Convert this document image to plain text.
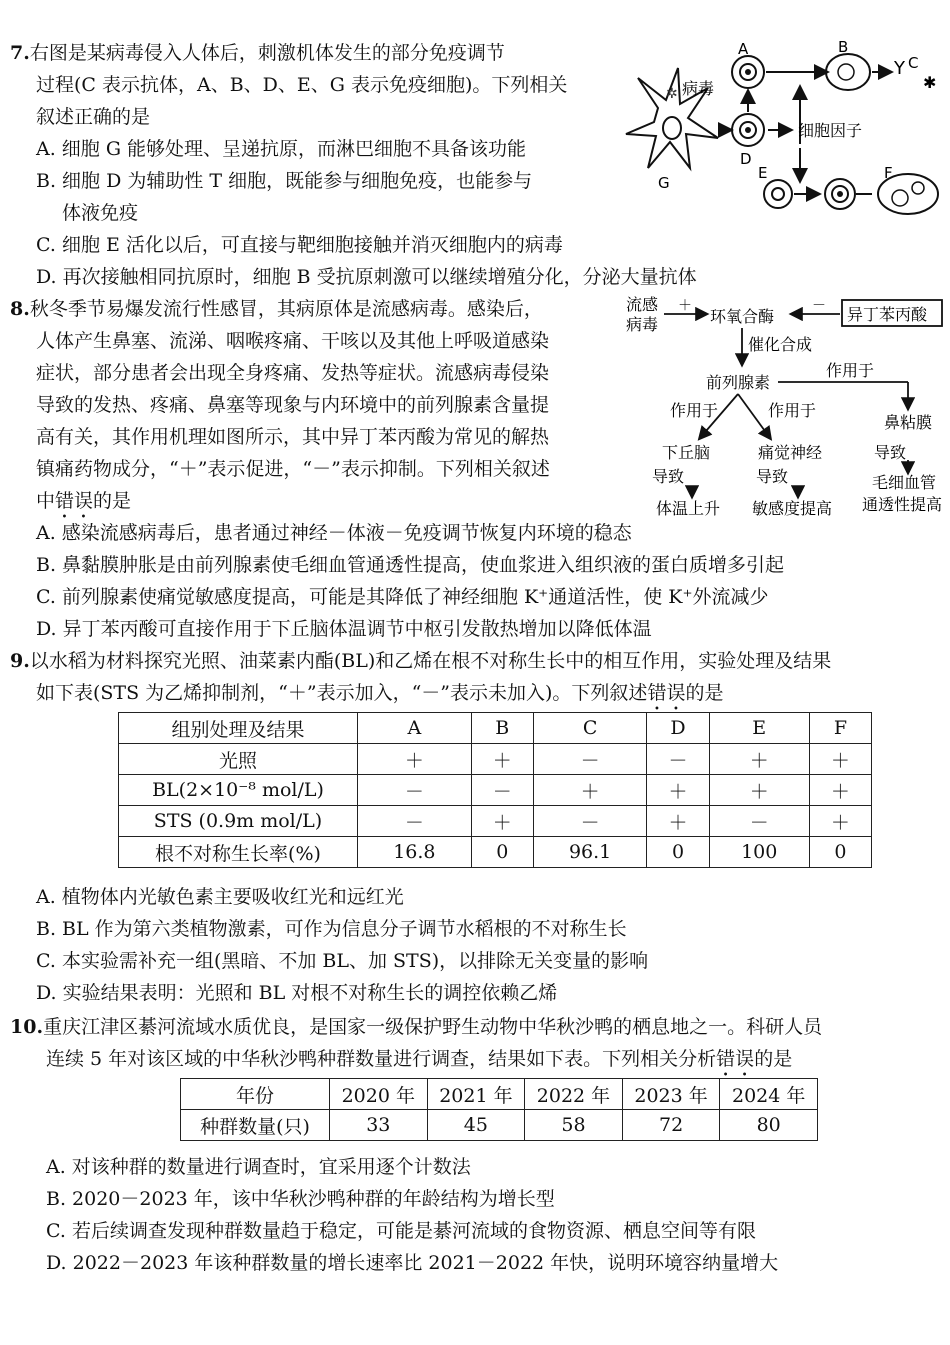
7.右图是某病毒侵入人体后，刺激机体发生的部分免疫调节
过程(C 表示抗体，A、B、D、E、G 表示免疫细胞)。下列相关
叙述正确的是
A. 细胞 G 能够处理、呈递抗原，而淋巴细胞不具备该功能
B. 细胞 D 为辅助性 T 细胞，既能参与细胞免疫，也能参与
体液免疫
C. 细胞 E 活化以后，可直接与靶细胞接触并消灭细胞内的病毒
D. 再次接触相同抗原时，细胞 B 受抗原刺激可以继续增殖分化，分泌大量抗体
G
✲ 病毒
D
A	B
Y C
✱
细胞因子
E	F
8.秋冬季节易爆发流行性感冒，其病原体是流感病毒。感染后，
人体产生鼻塞、流涕、咽喉疼痛、干咳以及其他上呼吸道感染
症状，部分患者会出现全身疼痛、发热等症状。流感病毒侵染
导致的发热、疼痛、鼻塞等现象与内环境中的前列腺素含量提
高有关，其作用机理如图所示，其中异丁苯丙酸为常见的解热
镇痛药物成分，“＋”表示促进，“－”表示抑制。下列相关叙述
中错误的是
A. 感染流感病毒后，患者通过神经－体液－免疫调节恢复内环境的稳态
B. 鼻黏膜肿胀是由前列腺素使毛细血管通透性提高，使血浆进入组织液的蛋白质增多引起
C. 前列腺素使痛觉敏感度提高，可能是其降低了神经细胞 K⁺通道活性，使 K⁺外流减少
D. 异丁苯丙酸可直接作用于下丘脑体温调节中枢引发散热增加以降低体温
流感
病毒
＋
环氧合酶
－ 异丁苯丙酸
催化合成
前列腺素
作用于
作用于	作用于
鼻粘膜
导致
毛细血管
通透性提高
下丘脑
导致
体温上升
痛觉神经
导致
敏感度提高
9.以水稻为材料探究光照、油菜素内酯(BL)和乙烯在根不对称生长中的相互作用，实验处理及结果
如下表(STS 为乙烯抑制剂，“＋”表示加入，“－”表示未加入)。下列叙述错误的是
组别处理及结果	A	B	C	D	E	F
光照	＋	＋	－	－	＋	＋
BL(2×10⁻⁸ mol/L)	－	－	＋	＋	＋	＋
STS (0.9m mol/L)	－	＋	－	＋	－	＋
根不对称生长率(%)	16.8	0	96.1	0	100	0
A. 植物体内光敏色素主要吸收红光和远红光
B. BL 作为第六类植物激素，可作为信息分子调节水稻根的不对称生长
C. 本实验需补充一组(黑暗、不加 BL、加 STS)，以排除无关变量的影响
D. 实验结果表明：光照和 BL 对根不对称生长的调控依赖乙烯
10.重庆江津区綦河流域水质优良，是国家一级保护野生动物中华秋沙鸭的栖息地之一。科研人员
连续 5 年对该区域的中华秋沙鸭种群数量进行调查，结果如下表。下列相关分析错误的是
年份	2020 年	2021 年	2022 年	2023 年	2024 年
种群数量(只)	33	45	58	72	80
A. 对该种群的数量进行调查时，宜采用逐个计数法
B. 2020－2023 年，该中华秋沙鸭种群的年龄结构为增长型
C. 若后续调查发现种群数量趋于稳定，可能是綦河流域的食物资源、栖息空间等有限
D. 2022－2023 年该种群数量的增长速率比 2021－2022 年快，说明环境容纳量增大
